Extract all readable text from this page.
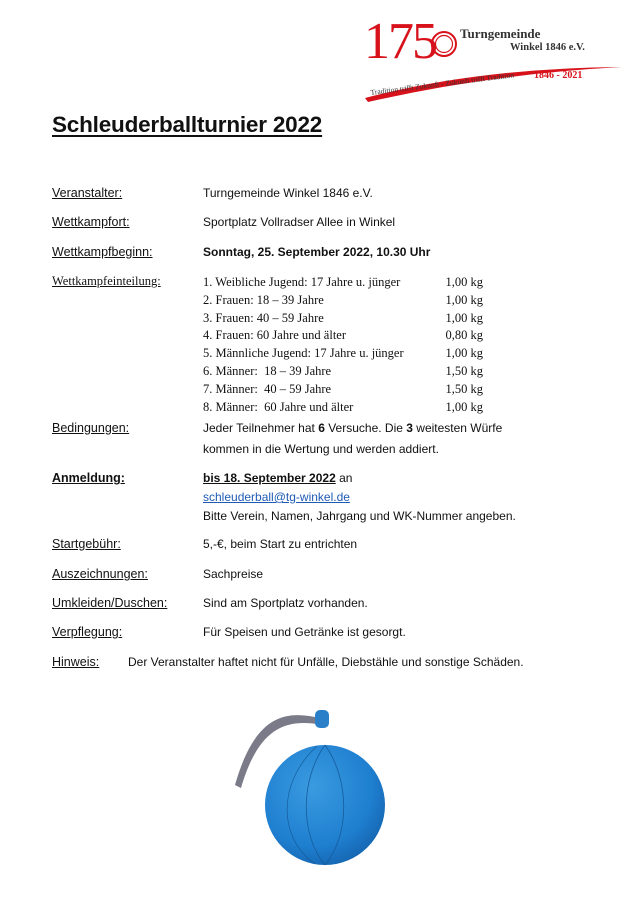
175 Turngemeinde
Winkel 1846 e.V.
1846 - 2021
Tradition trifft Zukunft - Zukunft trifft Tradition
Schleuderballturnier 2022
Veranstalter:	Turngemeinde Winkel 1846 e.V.
Wettkampfort:	Sportplatz Vollradser Allee in Winkel
Wettkampfbeginn:	Sonntag, 25. September 2022, 10.30 Uhr
Wettkampfeinteilung:	1. Weibliche Jugend: 17 Jahre u. jünger	1,00 kg
2. Frauen: 18 – 39 Jahre	1,00 kg
3. Frauen: 40 – 59 Jahre	1,00 kg
4. Frauen: 60 Jahre und älter	0,80 kg
5. Männliche Jugend: 17 Jahre u. jünger	1,00 kg
6. Männer:  18 – 39 Jahre	1,50 kg
7. Männer:  40 – 59 Jahre	1,50 kg
8. Männer:  60 Jahre und älter	1,00 kg
Bedingungen:	Jeder Teilnehmer hat 6 Versuche. Die 3 weitesten Würfe
kommen in die Wertung und werden addiert.
Anmeldung:	bis 18. September 2022 an
schleuderball@tg-winkel.de
Bitte Verein, Namen, Jahrgang und WK-Nummer angeben.
Startgebühr:	5,-€, beim Start zu entrichten
Auszeichnungen:	Sachpreise
Umkleiden/Duschen:	Sind am Sportplatz vorhanden.
Verpflegung:	Für Speisen und Getränke ist gesorgt.
Hinweis: Der Veranstalter haftet nicht für Unfälle, Diebstähle und sonstige Schäden.
